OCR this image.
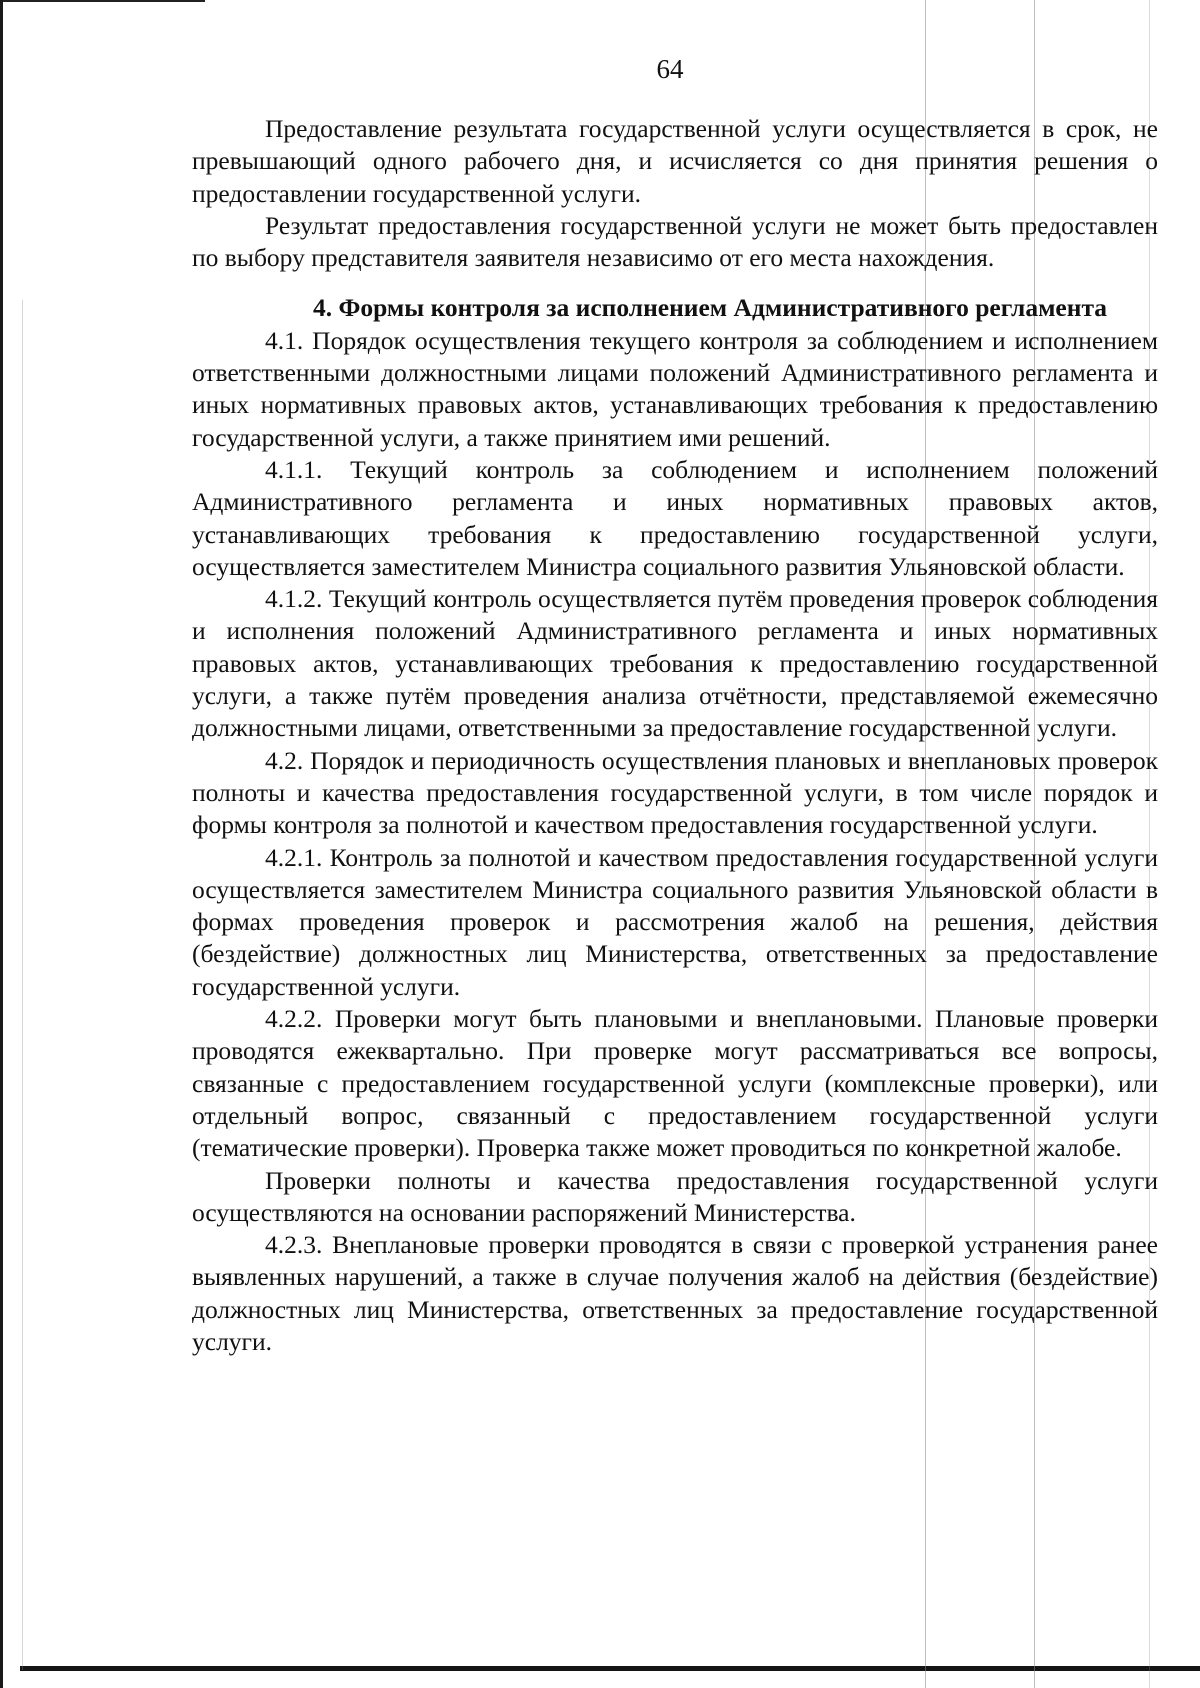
64

Предоставление результата государственной услуги осуществляется в срок, не превышающий одного рабочего дня, и исчисляется со дня принятия решения о предоставлении государственной услуги.

Результат предоставления государственной услуги не может быть предоставлен по выбору представителя заявителя независимо от его места нахождения.

4. Формы контроля за исполнением Административного регламента

4.1. Порядок осуществления текущего контроля за соблюдением и исполнением ответственными должностными лицами положений Административного регламента и иных нормативных правовых актов, устанавливающих требования к предоставлению государственной услуги, а также принятием ими решений.

4.1.1. Текущий контроль за соблюдением и исполнением положений Административного регламента и иных нормативных правовых актов, устанавливающих требования к предоставлению государственной услуги, осуществляется заместителем Министра социального развития Ульяновской области.

4.1.2. Текущий контроль осуществляется путём проведения проверок соблюдения и исполнения положений Административного регламента и иных нормативных правовых актов, устанавливающих требования к предоставлению государственной услуги, а также путём проведения анализа отчётности, представляемой ежемесячно должностными лицами, ответственными за предоставление государственной услуги.

4.2. Порядок и периодичность осуществления плановых и внеплановых проверок полноты и качества предоставления государственной услуги, в том числе порядок и формы контроля за полнотой и качеством предоставления государственной услуги.

4.2.1. Контроль за полнотой и качеством предоставления государственной услуги осуществляется заместителем Министра социального развития Ульяновской области в формах проведения проверок и рассмотрения жалоб на решения, действия (бездействие) должностных лиц Министерства, ответственных за предоставление государственной услуги.

4.2.2. Проверки могут быть плановыми и внеплановыми. Плановые проверки проводятся ежеквартально. При проверке могут рассматриваться все вопросы, связанные с предоставлением государственной услуги (комплексные проверки), или отдельный вопрос, связанный с предоставлением государственной услуги (тематические проверки). Проверка также может проводиться по конкретной жалобе.

Проверки полноты и качества предоставления государственной услуги осуществляются на основании распоряжений Министерства.

4.2.3. Внеплановые проверки проводятся в связи с проверкой устранения ранее выявленных нарушений, а также в случае получения жалоб на действия (бездействие) должностных лиц Министерства, ответственных за предоставление государственной услуги.
